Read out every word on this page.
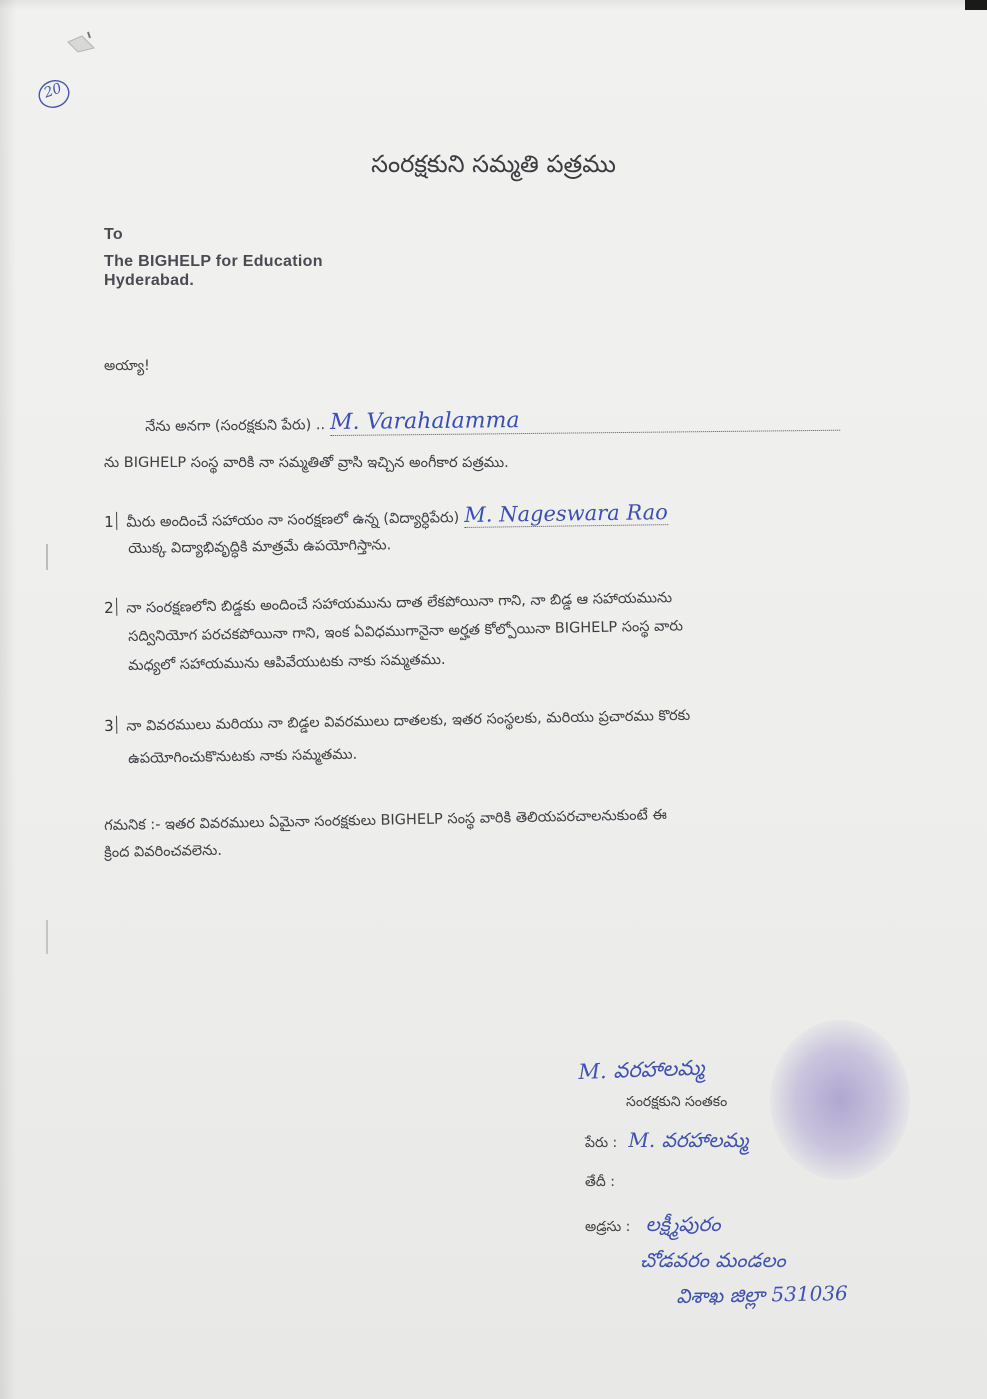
20
సంరక్షకుని సమ్మతి పత్రము
To
The BIGHELP for Education
Hyderabad.
అయ్యా!
నేను అనగా (సంరక్షకుని పేరు) .. M. Varahalamma
ను BIGHELP సంస్థ వారికి నా సమ్మతితో వ్రాసి ఇచ్చిన అంగీకార పత్రము.
1 మీరు అందించే సహాయం నా సంరక్షణలో ఉన్న (విద్యార్ధిపేరు) M. Nageswara Rao
యొక్క విద్యాభివృద్ధికి మాత్రమే ఉపయోగిస్తాను.
2 నా సంరక్షణలోని బిడ్డకు అందించే సహాయమును దాత లేకపోయినా గాని, నా బిడ్డ ఆ సహాయమును
సద్వినియోగ పరచకపోయినా గాని, ఇంక ఏవిధముగానైనా అర్హత కోల్పోయినా BIGHELP సంస్థ వారు
మధ్యలో సహాయమును ఆపివేయుటకు నాకు సమ్మతము.
3 నా వివరములు మరియు నా బిడ్డల వివరములు దాతలకు, ఇతర సంస్థలకు, మరియు ప్రచారము కొరకు
ఉపయోగించుకొనుటకు నాకు సమ్మతము.
గమనిక :- ఇతర వివరములు ఏమైనా సంరక్షకులు BIGHELP సంస్థ వారికి తెలియపరచాలనుకుంటే ఈ
క్రింద వివరించవలెను.
M. వరహాలమ్మ
సంరక్షకుని సంతకం
పేరు : M. వరహాలమ్మ
తేదీ :
అడ్రసు : లక్ష్మీపురం
చోడవరం మండలం
విశాఖ జిల్లా 531036
